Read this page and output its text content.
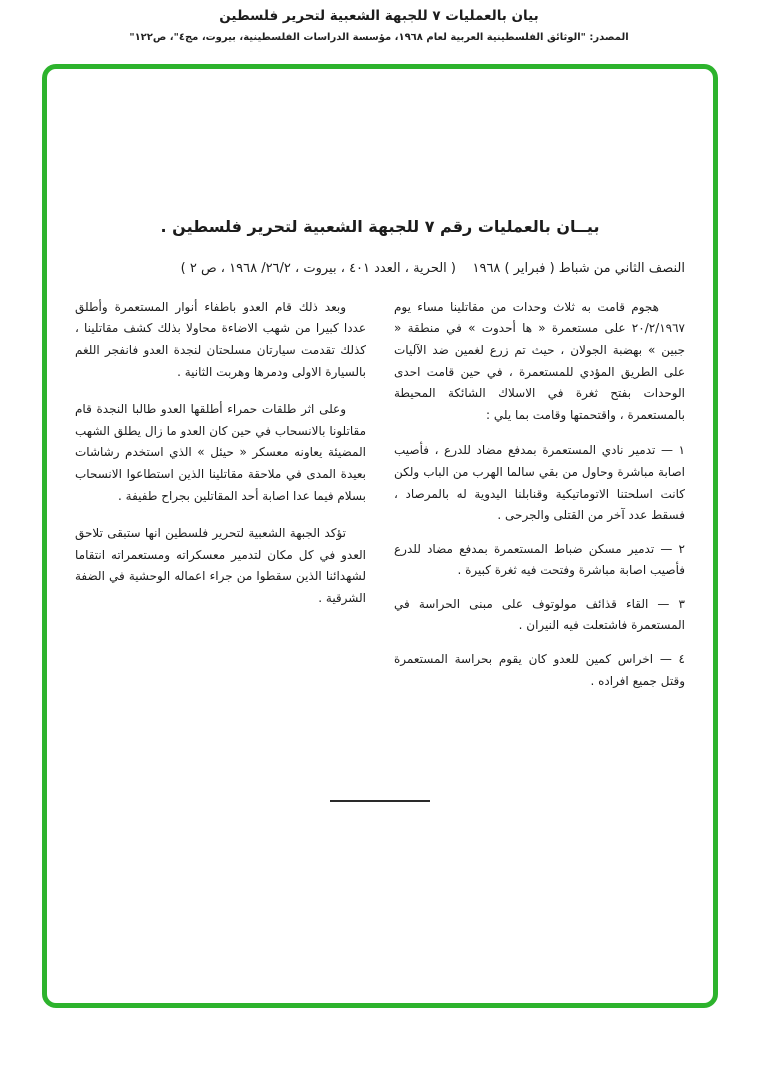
بيان بالعمليات ٧ للجبهة الشعبية لتحرير فلسطين
المصدر: "الوثائق الفلسطينية العربية لعام ١٩٦٨، مؤسسة الدراسات الفلسطينية، بيروت، مج٤"، ص١٢٢"
بيــان بالعمليات رقم ٧ للجبهة الشعبية لتحرير فلسطين .
النصف الثاني من شباط ( فبراير ) ١٩٦٨
( الحرية ، العدد ٤٠١ ، بيروت ، ٢٦/٢/ ١٩٦٨ ، ص ٢ )

هجوم قامت به ثلاث وحدات من مقاتلينا مساء يوم ٢٠/٢/١٩٦٧ على مستعمرة « ها أحدوت » في منطقة « جبين » بهضبة الجولان ، حيث تم زرع لغمين ضد الآليات على الطريق المؤدي للمستعمرة ، في حين قامت احدى الوحدات بفتح ثغرة في الاسلاك الشائكة المحيطة بالمستعمرة ، واقتحمتها وقامت بما يلي :

١ — تدمير نادي المستعمرة بمدفع مضاد للدرع ، فأصيب اصابة مباشرة وحاول من بقي سالما الهرب من الباب ولكن كانت اسلحتنا الاتوماتيكية وقنابلنا اليدوية له بالمرصاد ، فسقط عدد آخر من القتلى والجرحى .

٢ — تدمير مسكن ضباط المستعمرة بمدفع مضاد للدرع فأصيب اصابة مباشرة وفتحت فيه ثغرة كبيرة .

٣ — القاء قذائف مولوتوف على مبنى الحراسة في المستعمرة فاشتعلت فيه النيران .

٤ — اخراس كمين للعدو كان يقوم بحراسة المستعمرة وقتل جميع افراده .

وبعد ذلك قام العدو باطفاء أنوار المستعمرة وأطلق عددا كبيرا من شهب الاضاءة محاولا بذلك كشف مقاتلينا ، كذلك تقدمت سيارتان مسلحتان لنجدة العدو فانفجر اللغم بالسيارة الاولى ودمرها وهربت الثانية .

وعلى اثر طلقات حمراء أطلقها العدو طالبا النجدة قام مقاتلونا بالانسحاب في حين كان العدو ما زال يطلق الشهب المضيئة يعاونه معسكر « حيئل » الذي استخدم رشاشات بعيدة المدى في ملاحقة مقاتلينا الذين استطاعوا الانسحاب بسلام فيما عدا اصابة أحد المقاتلين بجراح طفيفة .

تؤكد الجبهة الشعبية لتحرير فلسطين انها ستبقى تلاحق العدو في كل مكان لتدمير معسكراته ومستعمراته انتقاما لشهدائنا الذين سقطوا من جراء اعماله الوحشية في الضفة الشرقية .
